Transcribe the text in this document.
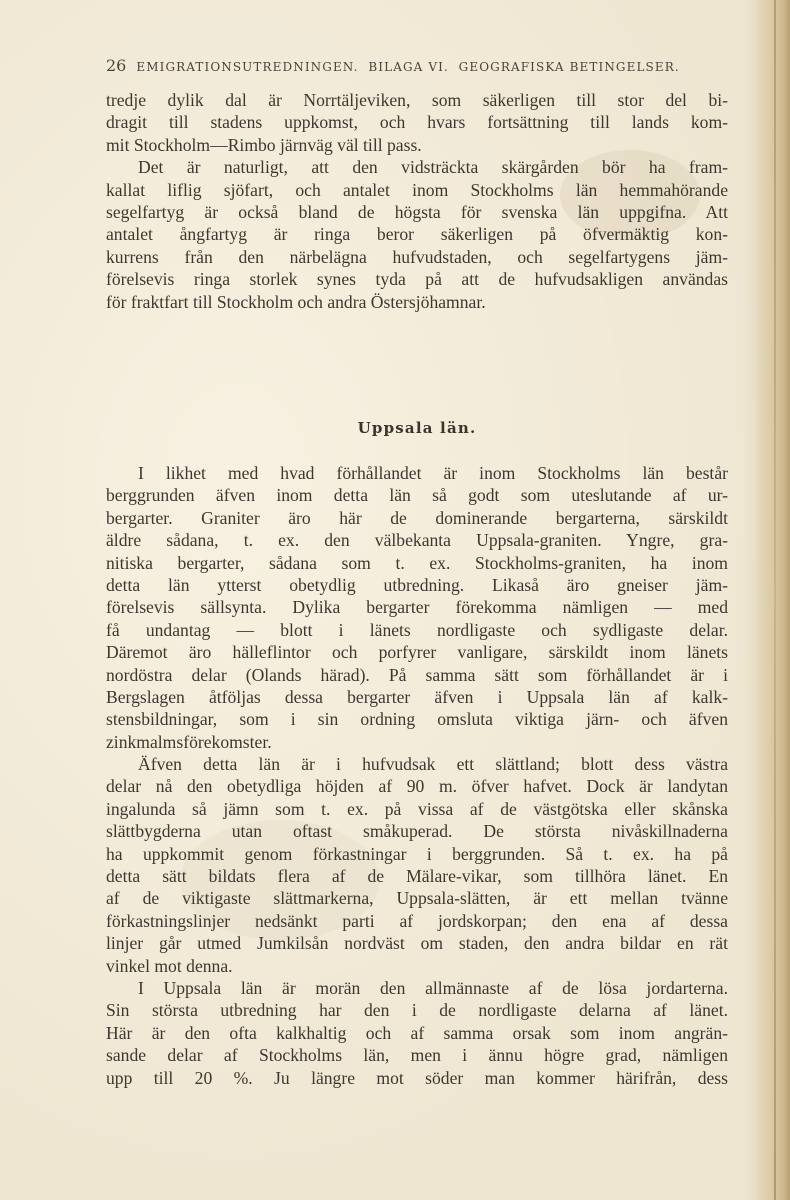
26 EMIGRATIONSUTREDNINGEN.  BILAGA VI.  GEOGRAFISKA BETINGELSER.
tredje dylik dal är Norrtäljeviken, som säkerligen till stor del bi-
dragit till stadens uppkomst, och hvars fortsättning till lands kom-
mit Stockholm—Rimbo järnväg väl till pass.
Det är naturligt, att den vidsträckta skärgården bör ha fram-
kallat liflig sjöfart, och antalet inom Stockholms län hemmahörande
segelfartyg är också bland de högsta för svenska län uppgifna. Att
antalet ångfartyg är ringa beror säkerligen på öfvermäktig kon-
kurrens från den närbelägna hufvudstaden, och segelfartygens jäm-
förelsevis ringa storlek synes tyda på att de hufvudsakligen användas
för fraktfart till Stockholm och andra Östersjöhamnar.
Uppsala län.
I likhet med hvad förhållandet är inom Stockholms län består
berggrunden äfven inom detta län så godt som uteslutande af ur-
bergarter. Graniter äro här de dominerande bergarterna, särskildt
äldre sådana, t. ex. den välbekanta Uppsala-graniten. Yngre, gra-
nitiska bergarter, sådana som t. ex. Stockholms-graniten, ha inom
detta län ytterst obetydlig utbredning. Likaså äro gneiser jäm-
förelsevis sällsynta. Dylika bergarter förekomma nämligen — med
få undantag — blott i länets nordligaste och sydligaste delar.
Däremot äro hälleflintor och porfyrer vanligare, särskildt inom länets
nordöstra delar (Olands härad). På samma sätt som förhållandet är i
Bergslagen åtföljas dessa bergarter äfven i Uppsala län af kalk-
stensbildningar, som i sin ordning omsluta viktiga järn- och äfven
zinkmalmsförekomster.
Äfven detta län är i hufvudsak ett slättland; blott dess västra
delar nå den obetydliga höjden af 90 m. öfver hafvet. Dock är landytan
ingalunda så jämn som t. ex. på vissa af de västgötska eller skånska
slättbygderna utan oftast småkuperad. De största nivåskillnaderna
ha uppkommit genom förkastningar i berggrunden. Så t. ex. ha på
detta sätt bildats flera af de Mälare-vikar, som tillhöra länet. En
af de viktigaste slättmarkerna, Uppsala-slätten, är ett mellan tvänne
förkastningslinjer nedsänkt parti af jordskorpan; den ena af dessa
linjer går utmed Jumkilsån nordväst om staden, den andra bildar en rät
vinkel mot denna.
I Uppsala län är morän den allmännaste af de lösa jordarterna.
Sin största utbredning har den i de nordligaste delarna af länet.
Här är den ofta kalkhaltig och af samma orsak som inom angrän-
sande delar af Stockholms län, men i ännu högre grad, nämligen
upp till 20 %. Ju längre mot söder man kommer härifrån, dess
